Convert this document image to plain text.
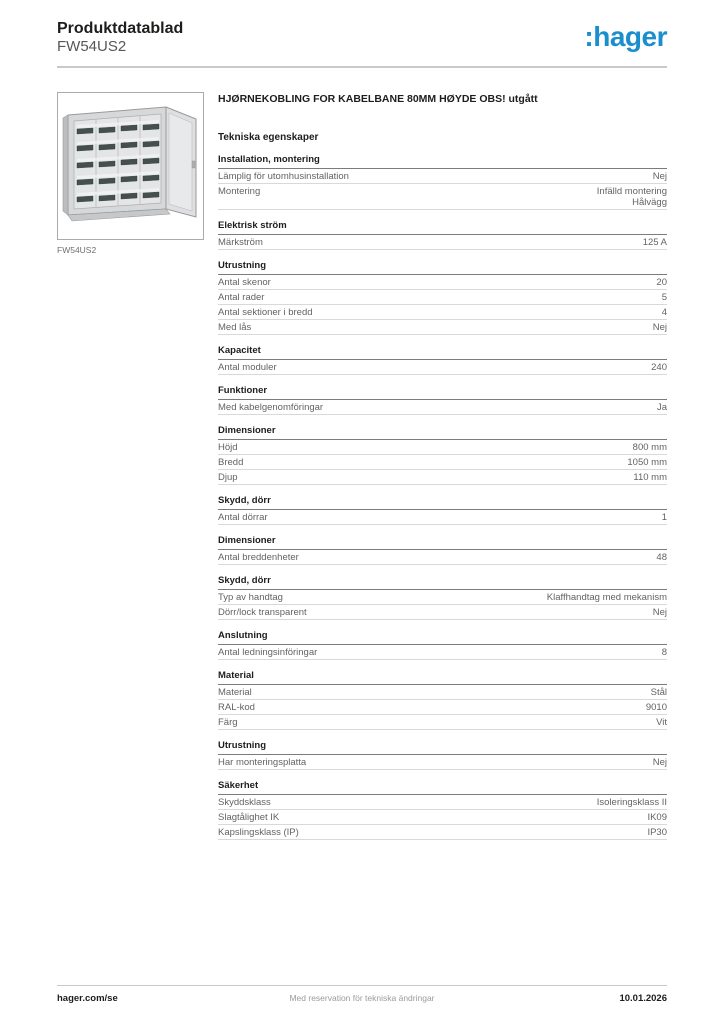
Produktdatablad
FW54US2	:hager
FW54US2
HJØRNEKOBLING FOR KABELBANE 80MM HØYDE OBS! utgått
Tekniska egenskaper
Installation, montering
Lämplig för utomhusinstallation	Nej
Montering	Infälld montering
Hålvägg
Elektrisk ström
Märkström	125 A
Utrustning
Antal skenor	20
Antal rader	5
Antal sektioner i bredd	4
Med lås	Nej
Kapacitet
Antal moduler	240
Funktioner
Med kabelgenomföringar	Ja
Dimensioner
Höjd	800 mm
Bredd	1050 mm
Djup	110 mm
Skydd, dörr
Antal dörrar	1
Dimensioner
Antal breddenheter	48
Skydd, dörr
Typ av handtag	Klaffhandtag med mekanism
Dörr/lock transparent	Nej
Anslutning
Antal ledningsinföringar	8
Material
Material	Stål
RAL-kod	9010
Färg	Vit
Utrustning
Har monteringsplatta	Nej
Säkerhet
Skyddsklass	Isoleringsklass II
Slagtålighet IK	IK09
Kapslingsklass (IP)	IP30
hager.com/se	Med reservation för tekniska ändringar	10.01.2026
